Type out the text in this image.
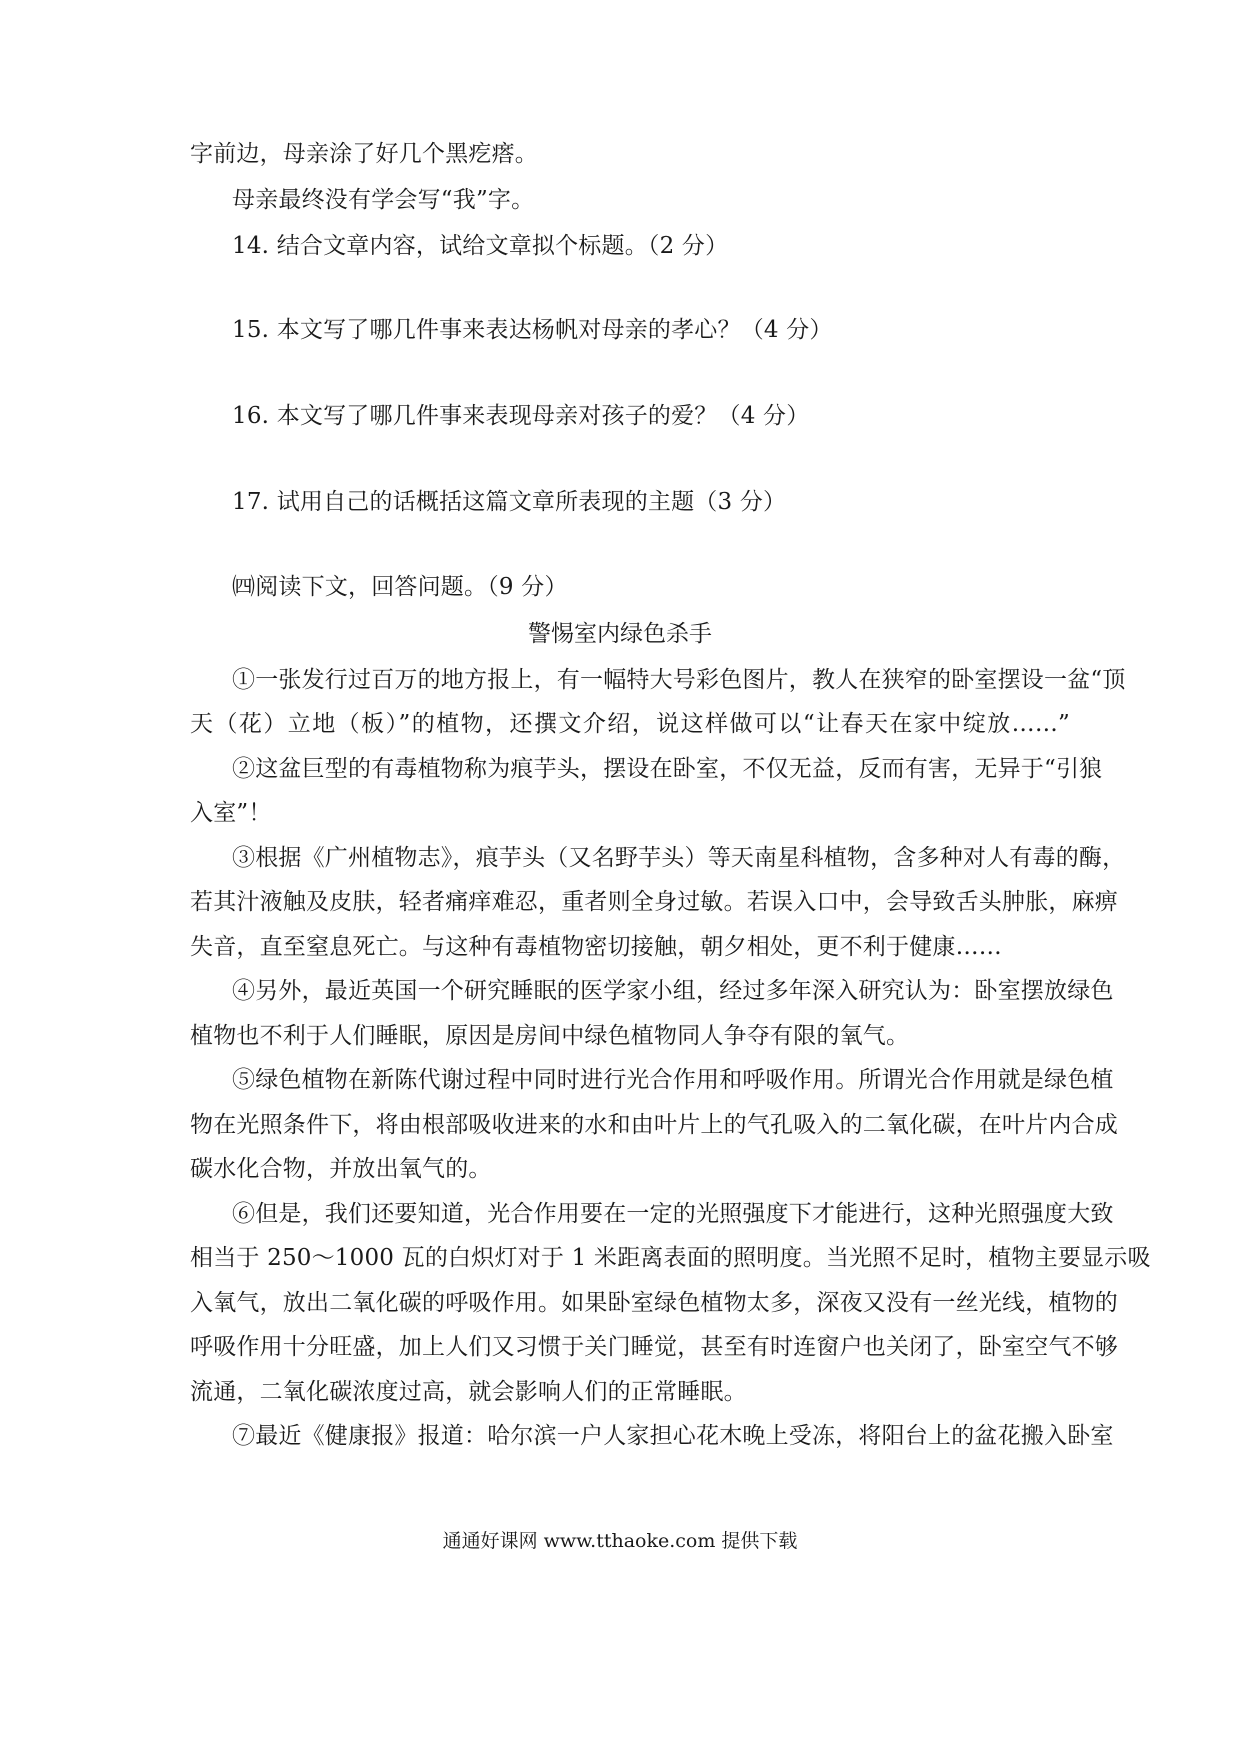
字前边，母亲涂了好几个黑疙瘩。
母亲最终没有学会写“我”字。
14. 结合文章内容，试给文章拟个标题。（2 分）
15. 本文写了哪几件事来表达杨帆对母亲的孝心？（4 分）
16. 本文写了哪几件事来表现母亲对孩子的爱？（4 分）
17. 试用自己的话概括这篇文章所表现的主题（3 分）
㈣阅读下文，回答问题。（9 分）
警惕室内绿色杀手
①一张发行过百万的地方报上，有一幅特大号彩色图片，教人在狭窄的卧室摆设一盆“顶
天（花）立地（板）”的植物，还撰文介绍，说这样做可以“让春天在家中绽放……”
②这盆巨型的有毒植物称为痕芋头，摆设在卧室，不仅无益，反而有害，无异于“引狼
入室”！
③根据《广州植物志》，痕芋头（又名野芋头）等天南星科植物，含多种对人有毒的酶，
若其汁液触及皮肤，轻者痛痒难忍，重者则全身过敏。若误入口中，会导致舌头肿胀，麻痹
失音，直至窒息死亡。与这种有毒植物密切接触，朝夕相处，更不利于健康……
④另外，最近英国一个研究睡眠的医学家小组，经过多年深入研究认为：卧室摆放绿色
植物也不利于人们睡眠，原因是房间中绿色植物同人争夺有限的氧气。
⑤绿色植物在新陈代谢过程中同时进行光合作用和呼吸作用。所谓光合作用就是绿色植
物在光照条件下，将由根部吸收进来的水和由叶片上的气孔吸入的二氧化碳，在叶片内合成
碳水化合物，并放出氧气的。
⑥但是，我们还要知道，光合作用要在一定的光照强度下才能进行，这种光照强度大致
相当于 250～1000 瓦的白炽灯对于 1 米距离表面的照明度。当光照不足时，植物主要显示吸
入氧气，放出二氧化碳的呼吸作用。如果卧室绿色植物太多，深夜又没有一丝光线，植物的
呼吸作用十分旺盛，加上人们又习惯于关门睡觉，甚至有时连窗户也关闭了，卧室空气不够
流通，二氧化碳浓度过高，就会影响人们的正常睡眠。
⑦最近《健康报》报道：哈尔滨一户人家担心花木晚上受冻，将阳台上的盆花搬入卧室
通通好课网 www.tthaoke.com 提供下载
